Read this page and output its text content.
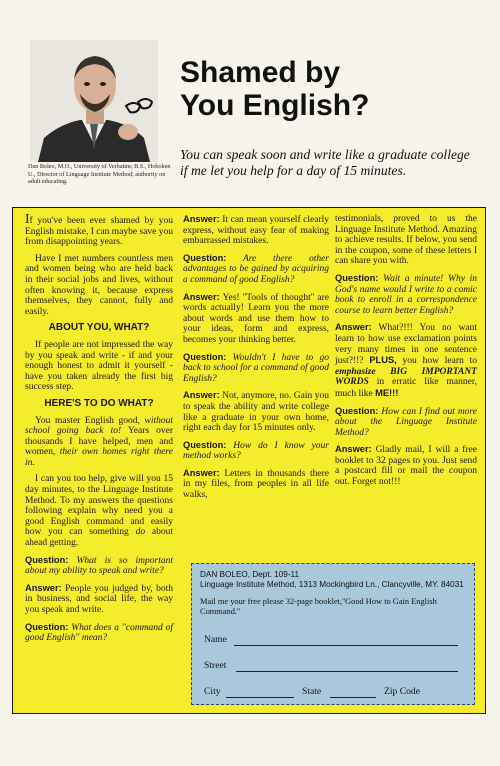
Dan Boleo, M.O., University of Verbatim; B.S., Hoboken U., Director of Linguage Institute Method; authority on adult educating.
Shamed by
You English?
You can speak soon and write like a graduate college if me let you help for a day of 15 minutes.

If you've been ever shamed by you English mistake, I can maybe save you from disappointing years.

Have I met numbers countless men and women being who are held back in their social jobs and lives, without often knowing it, because express themselves, they cannot, fully and easily.

ABOUT YOU, WHAT?

If people are not impressed the way by you speak and write - if and your enough honest to admit it yourself - have you taken already the first big success step.

HERE'S TO DO WHAT?

You master English good, without school going back to! Years over thousands I have helped, men and women, their own homes right there in.

I can you too help, give will you 15 day minutes, to the Linguage Institute Method. To my answers the questions following explain why need you a good English command and easily how you can something do about ahead getting.

Question: What is so important about my ability to speak and write?

Answer: People you judged by, both in business, and social life, the way you speak and write.

Question: What does a ''command of good English'' mean?

Answer: It can mean yourself clearly express, without easy fear of making embarrassed mistakes.

Question: Are there other advantages to be gained by acquiring a command of good English?

Answer: Yes! ''Tools of thought'' are words actually! Learn you the more about words and use them how to your ideas, form and express, becomes your thinking better.

Question: Wouldn't I have to go back to school for a command of good English?

Answer: Not, anymore, no. Gain you to speak the ability and write college like a graduate in your own home, right each day for 15 minutes only.

Question: How do I know your method works?

Answer: Letters in thousands there in my files, from peoples in all life walks,

testimonials, proved to us the Linguage Institute Method. Amazing to achieve results. If below, you send in the coupon, some of these letters I can share you with.

Question: Wait a minute! Why in God's name would I write to a comic book to enroll in a correspondence course to learn better English?

Answer: What?!!! You no want learn to how use exclamation points very many times in one sentence just?!!? PLUS, you how learn to emphasize BIG IMPORTANT WORDS in erratic like manner, much like ME!!!

Question: How can I find out more about the Linguage Institute Method?

Answer: Gladly mail, I will a free booklet to 32 pages to you. Just send a postcard fill or mail the coupon out. Forget not!!!

DAN BOLEO, Dept. 109-11
Linguage Institute Method, 1313 Mockingbird Ln., Clancyville, MY. 84031
Mail me your free please 32-page booklet,''Good How to Gain English Command.''
Name
Street
City	State	Zip Code
